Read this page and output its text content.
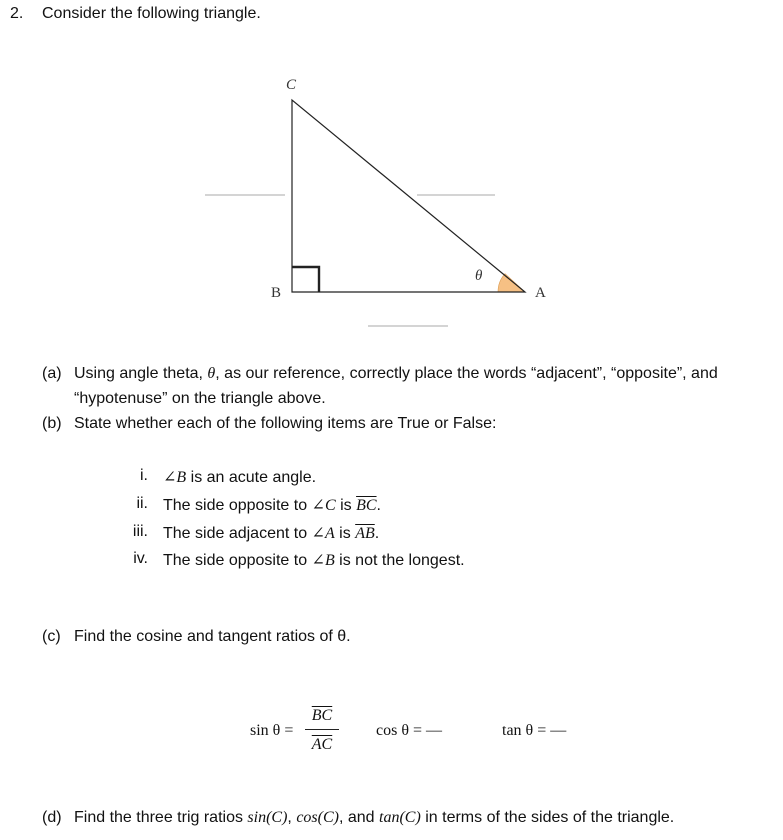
2. Consider the following triangle.
C
B	A
θ
(a) Using angle theta, θ, as our reference, correctly place the words “adjacent”, “opposite”, and
“hypotenuse” on the triangle above.
(b) State whether each of the following items are True or False:
i. ∠B is an acute angle.
ii. The side opposite to ∠C is $\overline{BC}$.
iii. The side adjacent to ∠A is $\overline{AB}$.
iv. The side opposite to ∠B is not the longest.
(c) Find the cosine and tangent ratios of θ.
sin θ =
$\overline{BC}$
$\overline{AC}$
cos θ = —	tan θ = —
(d) Find the three trig ratios sin(C), cos(C), and tan(C) in terms of the sides of the triangle.
